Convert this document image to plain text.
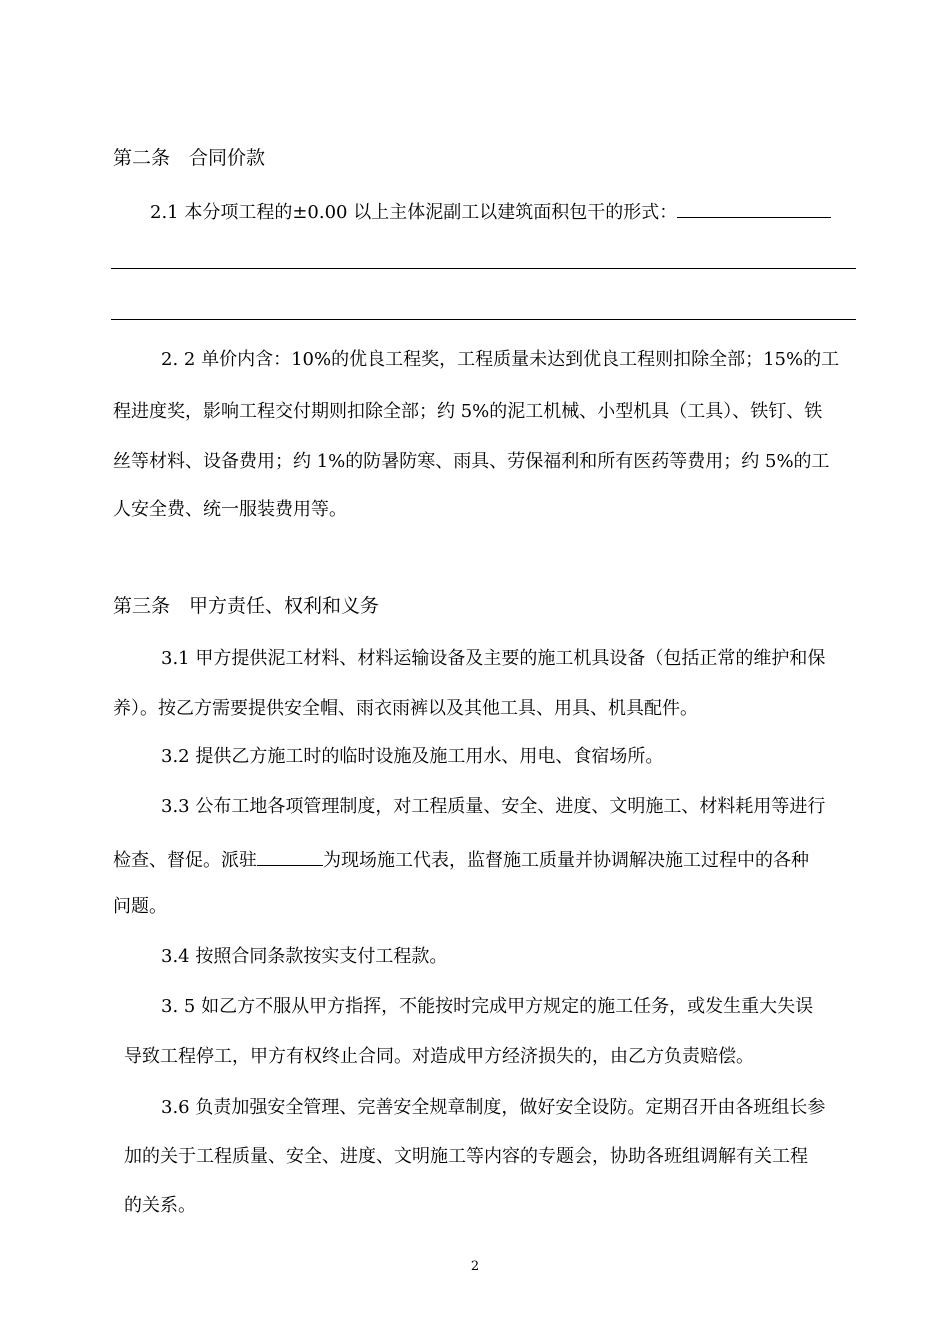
第二条　合同价款
2.1 本分项工程的±0.00 以上主体泥副工以建筑面积包干的形式：
2. 2 单价内含：10%的优良工程奖，工程质量未达到优良工程则扣除全部；15%的工
程进度奖，影响工程交付期则扣除全部；约 5%的泥工机械、小型机具（工具）、铁钉、铁
丝等材料、设备费用；约 1%的防暑防寒、雨具、劳保福利和所有医药等费用；约 5%的工
人安全费、统一服装费用等。
第三条　甲方责任、权利和义务
3.1 甲方提供泥工材料、材料运输设备及主要的施工机具设备（包括正常的维护和保
养）。按乙方需要提供安全帽、雨衣雨裤以及其他工具、用具、机具配件。
3.2 提供乙方施工时的临时设施及施工用水、用电、食宿场所。
3.3 公布工地各项管理制度，对工程质量、安全、进度、文明施工、材料耗用等进行
检查、督促。派驻	为现场施工代表，监督施工质量并协调解决施工过程中的各种
问题。
3.4 按照合同条款按实支付工程款。
3. 5 如乙方不服从甲方指挥，不能按时完成甲方规定的施工任务，或发生重大失误
导致工程停工，甲方有权终止合同。对造成甲方经济损失的，由乙方负责赔偿。
3.6 负责加强安全管理、完善安全规章制度，做好安全设防。定期召开由各班组长参
加的关于工程质量、安全、进度、文明施工等内容的专题会，协助各班组调解有关工程
的关系。
2
